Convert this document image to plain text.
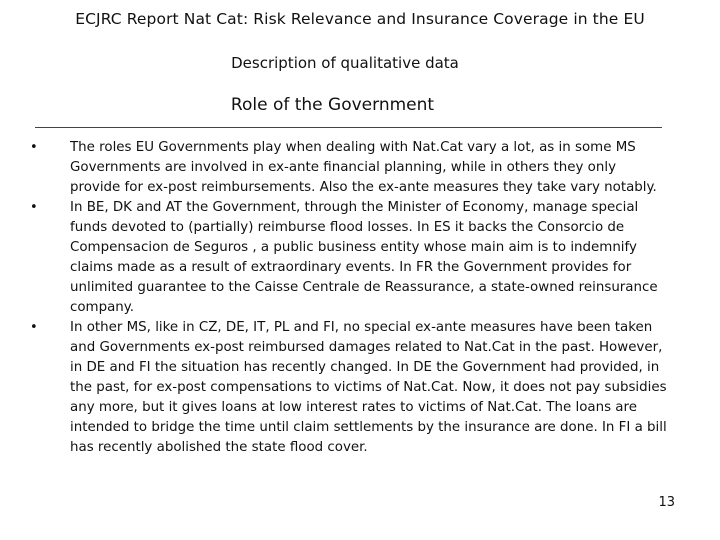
ECJRC Report Nat Cat: Risk Relevance and Insurance Coverage in the EU
Description of qualitative data
Role of the Government
• The roles EU Governments play when dealing with Nat.Cat vary a lot, as in some MS Governments are involved in ex-ante financial planning, while in others they only provide for ex-post reimbursements. Also the ex-ante measures they take vary notably.
• In BE, DK and AT the Government, through the Minister of Economy, manage special funds devoted to (partially) reimburse flood losses. In ES it backs the Consorcio de Compensacion de Seguros , a public business entity whose main aim is to indemnify claims made as a result of extraordinary events. In FR the Government provides for unlimited guarantee to the Caisse Centrale de Reassurance, a state-owned reinsurance company.
• In other MS, like in CZ, DE, IT, PL and FI, no special ex-ante measures have been taken and Governments ex-post reimbursed damages related to Nat.Cat in the past. However, in DE and FI the situation has recently changed. In DE the Government had provided, in the past, for ex-post compensations to victims of Nat.Cat. Now, it does not pay subsidies any more, but it gives loans at low interest rates to victims of Nat.Cat. The loans are intended to bridge the time until claim settlements by the insurance are done. In FI a bill has recently abolished the state flood cover.
13
